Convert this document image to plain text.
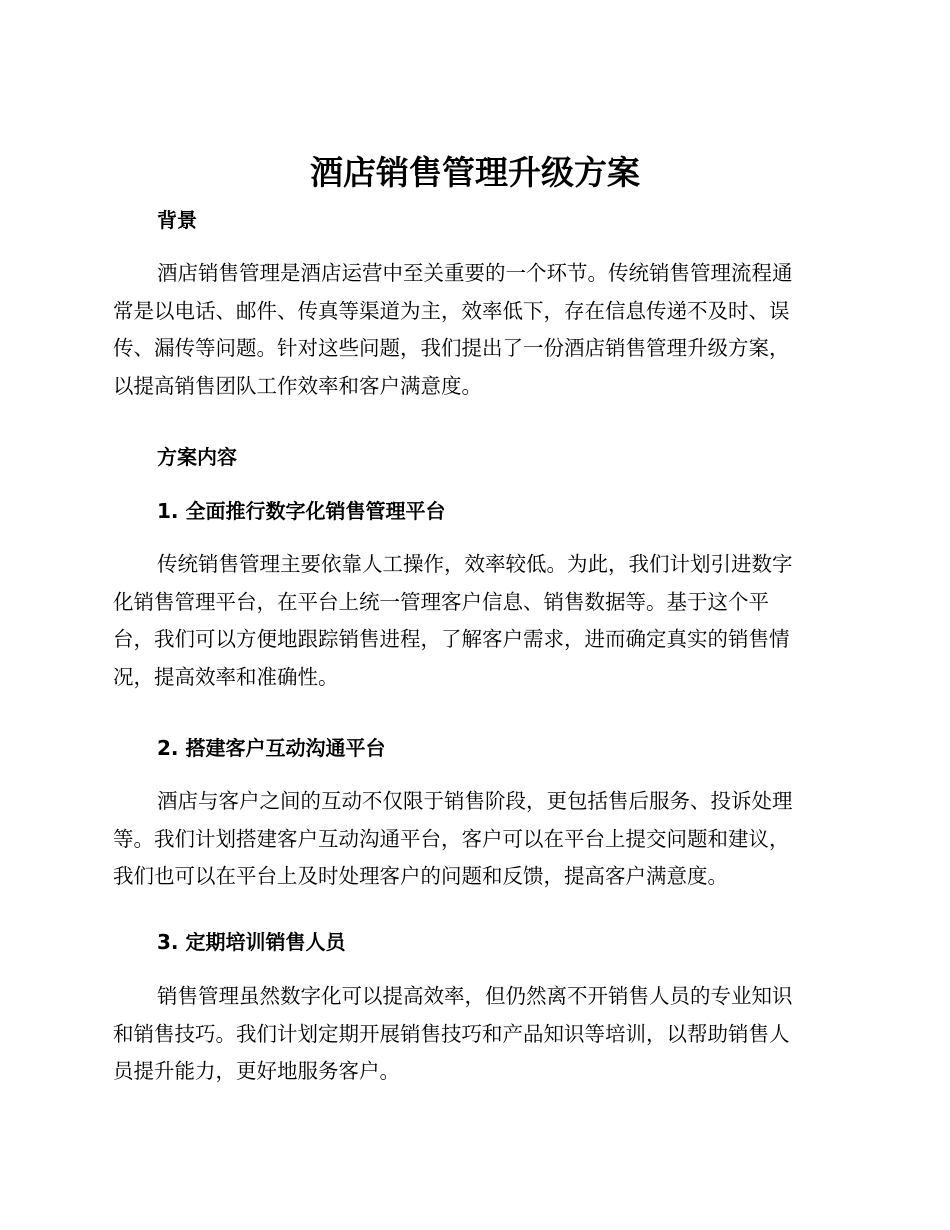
酒店销售管理升级方案
背景
酒店销售管理是酒店运营中至关重要的一个环节。传统销售管理流程通
常是以电话、邮件、传真等渠道为主，效率低下，存在信息传递不及时、误
传、漏传等问题。针对这些问题，我们提出了一份酒店销售管理升级方案，
以提高销售团队工作效率和客户满意度。
方案内容
1. 全面推行数字化销售管理平台
传统销售管理主要依靠人工操作，效率较低。为此，我们计划引进数字
化销售管理平台，在平台上统一管理客户信息、销售数据等。基于这个平
台，我们可以方便地跟踪销售进程，了解客户需求，进而确定真实的销售情
况，提高效率和准确性。
2. 搭建客户互动沟通平台
酒店与客户之间的互动不仅限于销售阶段，更包括售后服务、投诉处理
等。我们计划搭建客户互动沟通平台，客户可以在平台上提交问题和建议，
我们也可以在平台上及时处理客户的问题和反馈，提高客户满意度。
3. 定期培训销售人员
销售管理虽然数字化可以提高效率，但仍然离不开销售人员的专业知识
和销售技巧。我们计划定期开展销售技巧和产品知识等培训，以帮助销售人
员提升能力，更好地服务客户。
